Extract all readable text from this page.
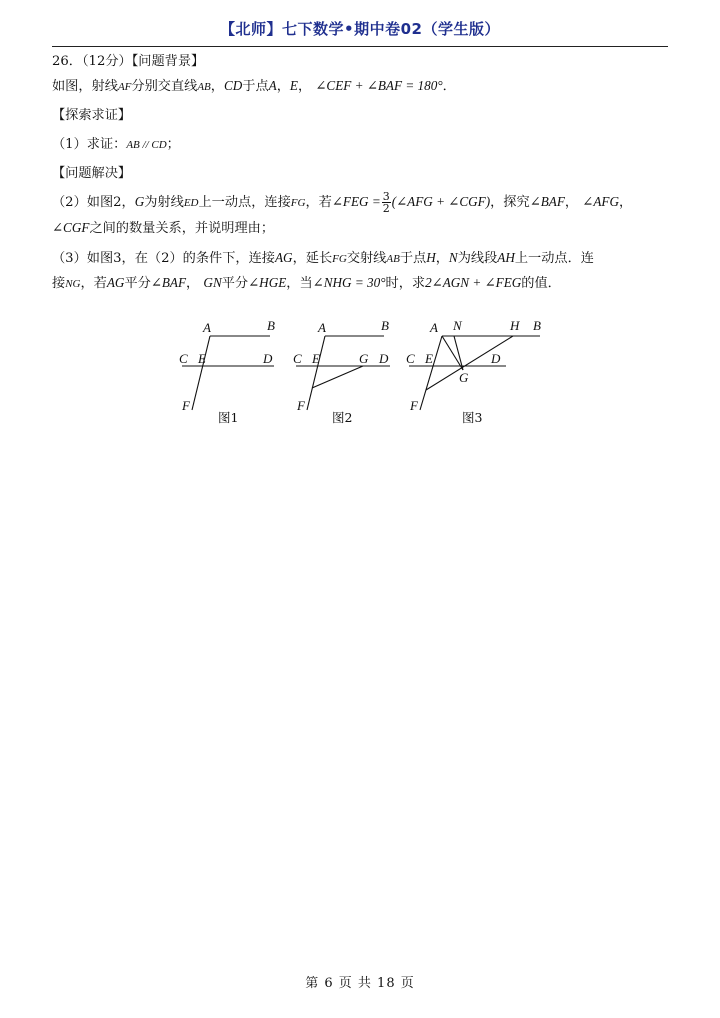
【北师】七下数学•期中卷02（学生版）
26．（12分）【问题背景】
如图，射线AF分别交直线AB，CD于点A，E， ∠CEF + ∠BAF = 180°．
【探索求证】
（1）求证：AB // CD；
【问题解决】
（2）如图2，G为射线ED上一动点，连接FG，若∠FEG = $\frac{3}{2}$ (∠AFG + ∠CGF)，探究∠BAF， ∠AFG，
∠CGF之间的数量关系，并说明理由；
（3）如图3，在（2）的条件下，连接AG，延长FG交射线AB于点H，N为线段AH上一动点．连
接NG，若AG平分∠BAF， GN平分∠HGE，当∠NHG = 30°时，求2∠AGN + ∠FEG的值．
A	B
C E	D
F
图1
A	B
C E	G D
F
图2
A N	H B
C E	D
G
F
图3
第 6 页 共 18 页
